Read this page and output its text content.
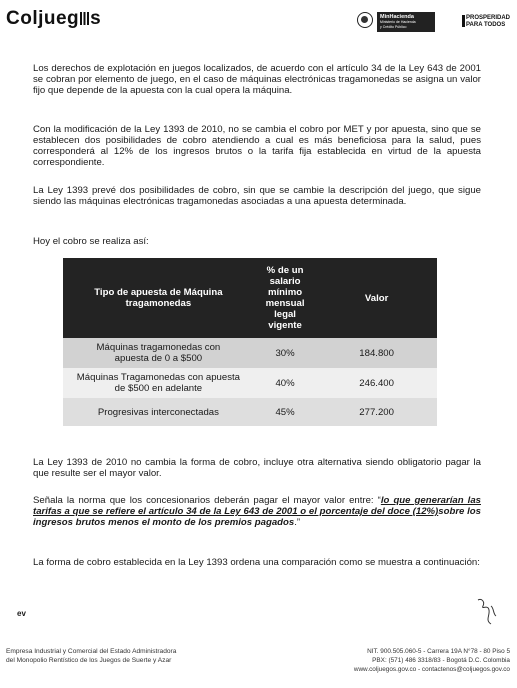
Coljueg s	MinHacienda
Ministerio de Hacienda
y Crédito Público
PROSPERIDAD
PARA TODOS

Los derechos de explotación en juegos localizados, de acuerdo con el artículo 34 de la Ley 643 de 2001 se cobran por elemento de juego, en el caso de máquinas electrónicas tragamonedas se asigna un valor fijo que depende de la apuesta con la cual opera la máquina.

Con la modificación de la Ley 1393 de 2010, no se cambia el cobro por MET y por apuesta, sino que se establecen dos posibilidades de cobro atendiendo a cual es más beneficiosa para la salud, pues corresponderá al 12% de los ingresos brutos o la tarifa fija establecida en virtud de la apuesta correspondiente.

La Ley 1393 prevé dos posibilidades de cobro, sin que se cambie la descripción del juego, que sigue siendo las máquinas electrónicas tragamonedas asociadas a una apuesta determinada.

Hoy el cobro se realiza así:

Tipo de apuesta de Máquina tragamonedas	% de un salario mínimo mensual legal vigente	Valor
Máquinas tragamonedas con apuesta de 0 a $500	30%	184.800
Máquinas Tragamonedas con apuesta de $500 en adelante	40%	246.400
Progresivas interconectadas	45%	277.200

La Ley 1393 de 2010 no cambia la forma de cobro, incluye otra alternativa siendo obligatorio pagar la que resulte ser el mayor valor.

Señala la norma que los concesionarios deberán pagar el mayor valor entre: “lo que generarían las tarifas a que se refiere el artículo 34 de la Ley 643 de 2001 o el porcentaje del doce (12%)sobre los ingresos brutos menos el monto de los premios pagados.”

La forma de cobro establecida en la Ley 1393 ordena una comparación como se muestra a continuación:

ev
Empresa Industrial y Comercial del Estado Administradora
del Monopolio Rentístico de los Juegos de Suerte y Azar
NIT. 900.505.060-5 - Carrera 19A N°78 - 80 Piso 5
PBX: (571) 486 3318/83 - Bogotá D.C. Colombia
www.coljuegos.gov.co - contactenos@coljuegos.gov.co
